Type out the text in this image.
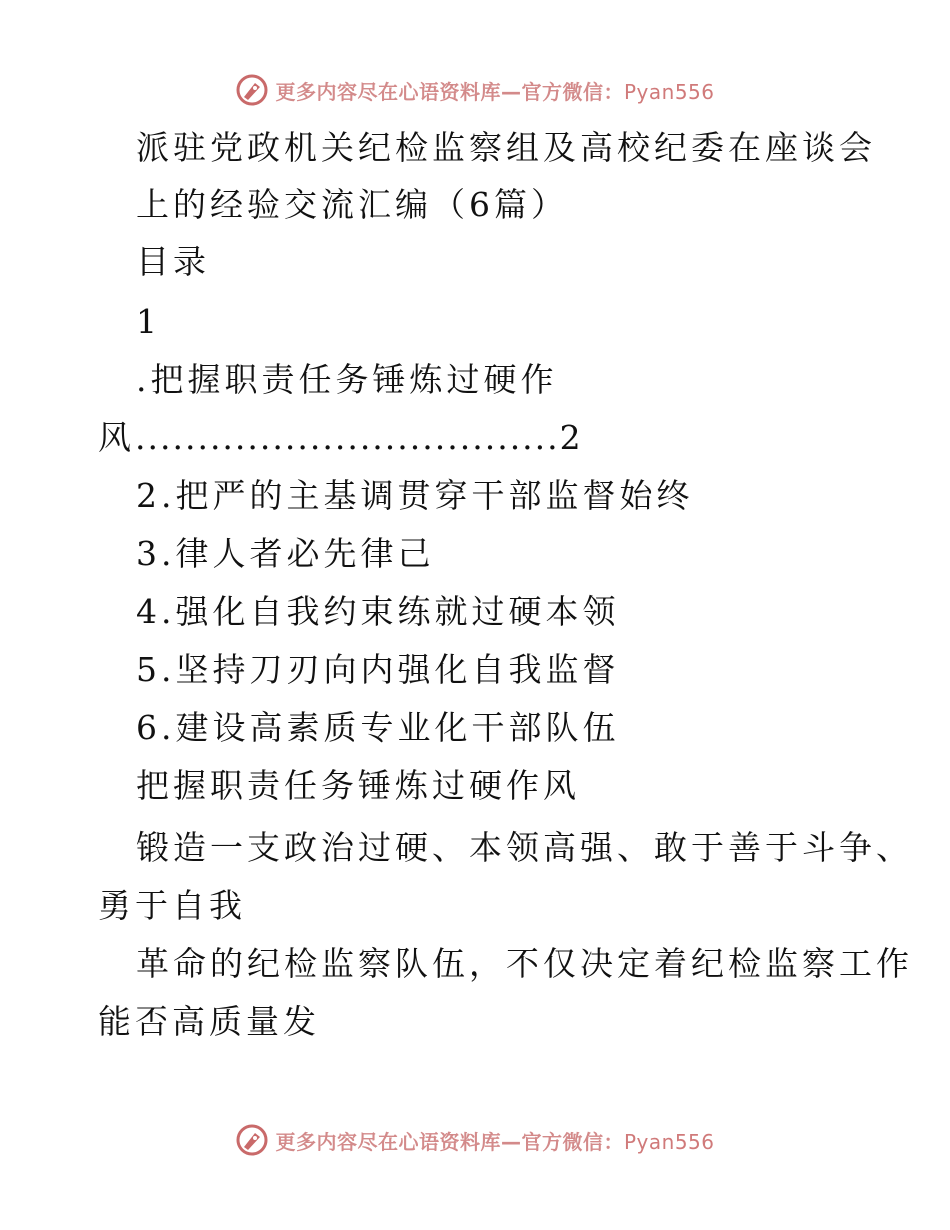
更多内容尽在心语资料库—官方微信：Pyan556
派驻党政机关纪检监察组及高校纪委在座谈会
上的经验交流汇编（6篇）
目录
1
.把握职责任务锤炼过硬作
风..................................2
2.把严的主基调贯穿干部监督始终
3.律人者必先律己
4.强化自我约束练就过硬本领
5.坚持刀刃向内强化自我监督
6.建设高素质专业化干部队伍
把握职责任务锤炼过硬作风
锻造一支政治过硬、本领高强、敢于善于斗争、
勇于自我
革命的纪检监察队伍，不仅决定着纪检监察工作
能否高质量发
更多内容尽在心语资料库—官方微信：Pyan556
